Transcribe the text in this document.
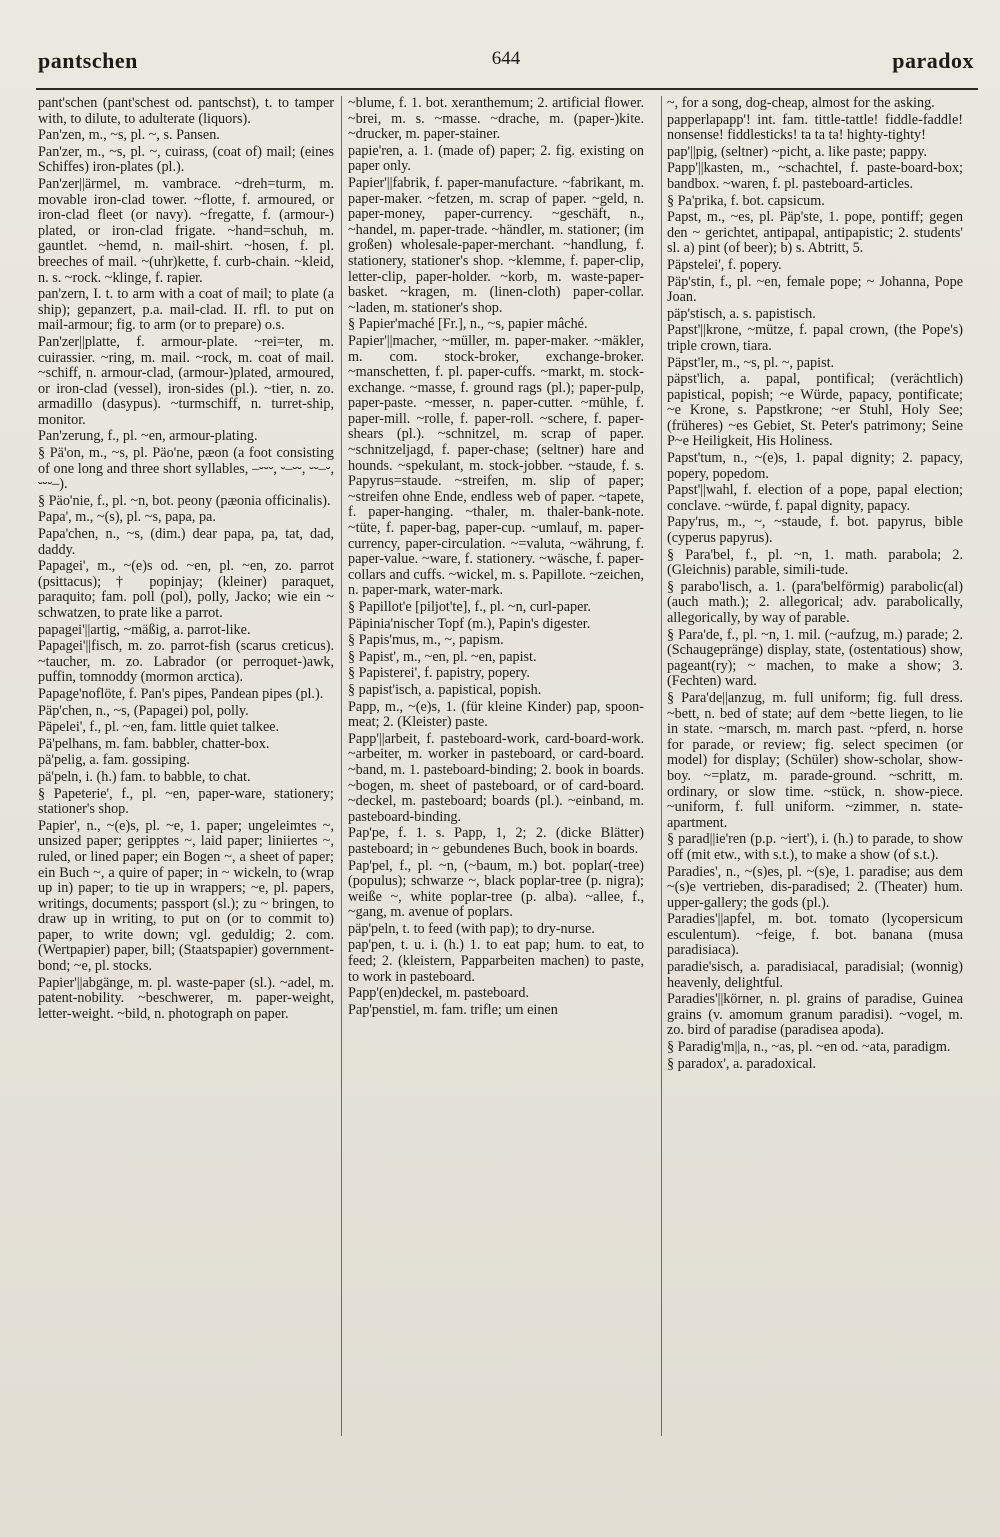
pantschen	644	paradox

pant'schen (pant'schest od. pantschst), t. to tamper with, to dilute, to adulterate (liquors).

Pan'zen, m., ~s, pl. ~, s. Pansen.

Pan'zer, m., ~s, pl. ~, cuirass, (coat of) mail; (eines Schiffes) iron-plates (pl.).

Pan'zer||ärmel, m. vambrace. ~dreh=turm, m. movable iron-clad tower. ~flotte, f. armoured, or iron-clad fleet (or navy). ~fregatte, f. (armour-) plated, or iron-clad frigate. ~hand=schuh, m. gauntlet. ~hemd, n. mail-shirt. ~hosen, f. pl. breeches of mail. ~(uhr)kette, f. curb-chain. ~kleid, n. s. ~rock. ~klinge, f. rapier.

pan'zern, I. t. to arm with a coat of mail; to plate (a ship); gepanzert, p.a. mail-clad. II. rfl. to put on mail-armour; fig. to arm (or to prepare) o.s.

Pan'zer||platte, f. armour-plate. ~rei=ter, m. cuirassier. ~ring, m. mail. ~rock, m. coat of mail. ~schiff, n. armour-clad, (armour-)plated, armoured, or iron-clad (vessel), iron-sides (pl.). ~tier, n. zo. armadillo (dasypus). ~turmschiff, n. turret-ship, monitor.

Pan'zerung, f., pl. ~en, armour-plating.

§ Pä'on, m., ~s, pl. Päo'ne, pæon (a foot consisting of one long and three short syllables, –⏑⏑⏑, ⏑–⏑⏑, ⏑⏑–⏑, ⏑⏑⏑–).

§ Päo'nie, f., pl. ~n, bot. peony (pæonia officinalis).

Papa', m., ~(s), pl. ~s, papa, pa.

Papa'chen, n., ~s, (dim.) dear papa, pa, tat, dad, daddy.

Papagei', m., ~(e)s od. ~en, pl. ~en, zo. parrot (psittacus); † popinjay; (kleiner) paraquet, paraquito; fam. poll (pol), polly, Jacko; wie ein ~ schwatzen, to prate like a parrot.

papagei'||artig, ~mäßig, a. parrot-like.

Papagei'||fisch, m. zo. parrot-fish (scarus creticus). ~taucher, m. zo. Labrador (or perroquet-)awk, puffin, tomnoddy (mormon arctica).

Papage'noflöte, f. Pan's pipes, Pandean pipes (pl.).

Päp'chen, n., ~s, (Papagei) pol, polly.

Päpelei', f., pl. ~en, fam. little quiet talkee.

Pä'pelhans, m. fam. babbler, chatter-box.

pä'pelig, a. fam. gossiping.

pä'peln, i. (h.) fam. to babble, to chat.

§ Papeterie', f., pl. ~en, paper-ware, stationery; stationer's shop.

Papier', n., ~(e)s, pl. ~e, 1. paper; ungeleimtes ~, unsized paper; geripptes ~, laid paper; liniiertes ~, ruled, or lined paper; ein Bogen ~, a sheet of paper; ein Buch ~, a quire of paper; in ~ wickeln, to (wrap up in) paper; to tie up in wrappers; ~e, pl. papers, writings, documents; passport (sl.); zu ~ bringen, to draw up in writing, to put on (or to commit to) paper, to write down; vgl. geduldig; 2. com. (Wertpapier) paper, bill; (Staatspapier) government-bond; ~e, pl. stocks.

Papier'||abgänge, m. pl. waste-paper (sl.). ~adel, m. patent-nobility. ~beschwerer, m. paper-weight, letter-weight. ~bild, n. photograph on paper.

~blume, f. 1. bot. xeranthemum; 2. artificial flower. ~brei, m. s. ~masse. ~drache, m. (paper-)kite. ~drucker, m. paper-stainer.

papie'ren, a. 1. (made of) paper; 2. fig. existing on paper only.

Papier'||fabrik, f. paper-manufacture. ~fabrikant, m. paper-maker. ~fetzen, m. scrap of paper. ~geld, n. paper-money, paper-currency. ~geschäft, n., ~handel, m. paper-trade. ~händler, m. stationer; (im großen) wholesale-paper-merchant. ~handlung, f. stationery, stationer's shop. ~klemme, f. paper-clip, letter-clip, paper-holder. ~korb, m. waste-paper-basket. ~kragen, m. (linen-cloth) paper-collar. ~laden, m. stationer's shop.

§ Papier'maché [Fr.], n., ~s, papier mâché.

Papier'||macher, ~müller, m. paper-maker. ~mäkler, m. com. stock-broker, exchange-broker. ~manschetten, f. pl. paper-cuffs. ~markt, m. stock-exchange. ~masse, f. ground rags (pl.); paper-pulp, paper-paste. ~messer, n. paper-cutter. ~mühle, f. paper-mill. ~rolle, f. paper-roll. ~schere, f. paper-shears (pl.). ~schnitzel, m. scrap of paper. ~schnitzeljagd, f. paper-chase; (seltner) hare and hounds. ~spekulant, m. stock-jobber. ~staude, f. s. Papyrus=staude. ~streifen, m. slip of paper; ~streifen ohne Ende, endless web of paper. ~tapete, f. paper-hanging. ~thaler, m. thaler-bank-note. ~tüte, f. paper-bag, paper-cup. ~umlauf, m. paper-currency, paper-circulation. ~=valuta, ~währung, f. paper-value. ~ware, f. stationery. ~wäsche, f. paper-collars and cuffs. ~wickel, m. s. Papillote. ~zeichen, n. paper-mark, water-mark.

§ Papillot'e [piljot'te], f., pl. ~n, curl-paper.

Päpinia'nischer Topf (m.), Papin's digester.

§ Papis'mus, m., ~, papism.

§ Papist', m., ~en, pl. ~en, papist.

§ Papisterei', f. papistry, popery.

§ papist'isch, a. papistical, popish.

Papp, m., ~(e)s, 1. (für kleine Kinder) pap, spoon-meat; 2. (Kleister) paste.

Papp'||arbeit, f. pasteboard-work, card-board-work. ~arbeiter, m. worker in pasteboard, or card-board. ~band, m. 1. pasteboard-binding; 2. book in boards. ~bogen, m. sheet of pasteboard, or of card-board. ~deckel, m. pasteboard; boards (pl.). ~einband, m. pasteboard-binding.

Pap'pe, f. 1. s. Papp, 1, 2; 2. (dicke Blätter) pasteboard; in ~ gebundenes Buch, book in boards.

Pap'pel, f., pl. ~n, (~baum, m.) bot. poplar(-tree) (populus); schwarze ~, black poplar-tree (p. nigra); weiße ~, white poplar-tree (p. alba). ~allee, f., ~gang, m. avenue of poplars.

päp'peln, t. to feed (with pap); to dry-nurse.

pap'pen, t. u. i. (h.) 1. to eat pap; hum. to eat, to feed; 2. (kleistern, Papparbeiten machen) to paste, to work in pasteboard.

Papp'(en)deckel, m. pasteboard.

Pap'penstiel, m. fam. trifle; um einen

~, for a song, dog-cheap, almost for the asking.

papperlapapp'! int. fam. tittle-tattle! fiddle-faddle! nonsense! fiddlesticks! ta ta ta! highty-tighty!

pap'||pig, (seltner) ~picht, a. like paste; pappy.

Papp'||kasten, m., ~schachtel, f. paste-board-box; bandbox. ~waren, f. pl. pasteboard-articles.

§ Pa'prika, f. bot. capsicum.

Papst, m., ~es, pl. Päp'ste, 1. pope, pontiff; gegen den ~ gerichtet, antipapal, antipapistic; 2. students' sl. a) pint (of beer); b) s. Abtritt, 5.

Päpstelei', f. popery.

Päp'stin, f., pl. ~en, female pope; ~ Johanna, Pope Joan.

päp'stisch, a. s. papistisch.

Papst'||krone, ~mütze, f. papal crown, (the Pope's) triple crown, tiara.

Päpst'ler, m., ~s, pl. ~, papist.

päpst'lich, a. papal, pontifical; (verächtlich) papistical, popish; ~e Würde, papacy, pontificate; ~e Krone, s. Papstkrone; ~er Stuhl, Holy See; (früheres) ~es Gebiet, St. Peter's patrimony; Seine P~e Heiligkeit, His Holiness.

Papst'tum, n., ~(e)s, 1. papal dignity; 2. papacy, popery, popedom.

Papst'||wahl, f. election of a pope, papal election; conclave. ~würde, f. papal dignity, papacy.

Papy'rus, m., ~, ~staude, f. bot. papyrus, bible (cyperus papyrus).

§ Para'bel, f., pl. ~n, 1. math. parabola; 2. (Gleichnis) parable, simili-tude.

§ parabo'lisch, a. 1. (para'belförmig) parabolic(al) (auch math.); 2. allegorical; adv. parabolically, allegorically, by way of parable.

§ Para'de, f., pl. ~n, 1. mil. (~aufzug, m.) parade; 2. (Schaugepränge) display, state, (ostentatious) show, pageant(ry); ~ machen, to make a show; 3. (Fechten) ward.

§ Para'de||anzug, m. full uniform; fig. full dress. ~bett, n. bed of state; auf dem ~bette liegen, to lie in state. ~marsch, m. march past. ~pferd, n. horse for parade, or review; fig. select specimen (or model) for display; (Schüler) show-scholar, show-boy. ~=platz, m. parade-ground. ~schritt, m. ordinary, or slow time. ~stück, n. show-piece. ~uniform, f. full uniform. ~zimmer, n. state-apartment.

§ parad||ie'ren (p.p. ~iert'), i. (h.) to parade, to show off (mit etw., with s.t.), to make a show (of s.t.).

Paradies', n., ~(s)es, pl. ~(s)e, 1. paradise; aus dem ~(s)e vertrieben, dis-paradised; 2. (Theater) hum. upper-gallery; the gods (pl.).

Paradies'||apfel, m. bot. tomato (lycopersicum esculentum). ~feige, f. bot. banana (musa paradisiaca).

paradie'sisch, a. paradisiacal, paradisial; (wonnig) heavenly, delightful.

Paradies'||körner, n. pl. grains of paradise, Guinea grains (v. amomum granum paradisi). ~vogel, m. zo. bird of paradise (paradisea apoda).

§ Paradig'm||a, n., ~as, pl. ~en od. ~ata, paradigm.

§ paradox', a. paradoxical.
